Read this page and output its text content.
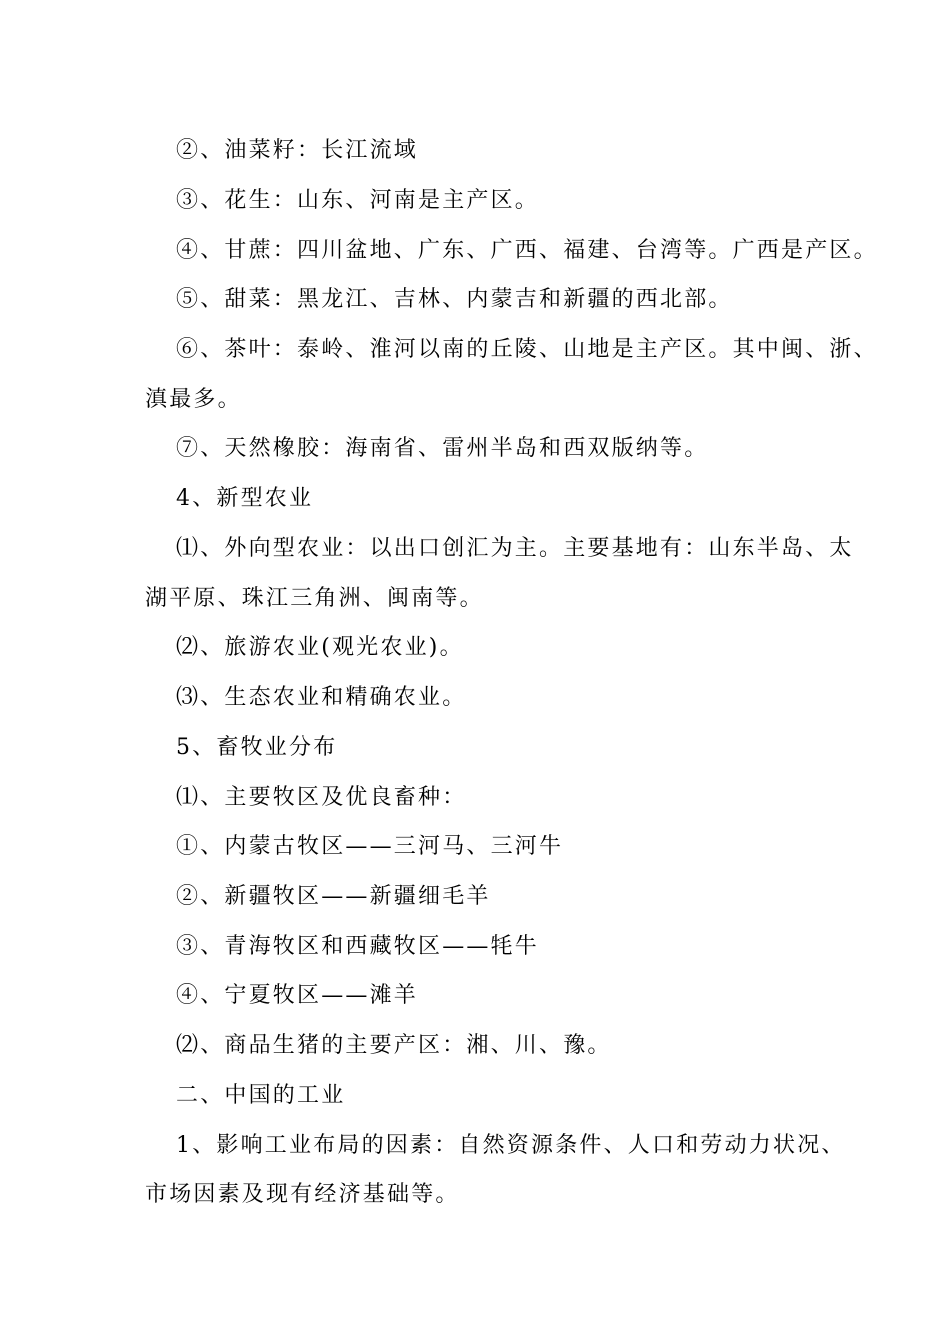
②、油菜籽：长江流域

③、花生：山东、河南是主产区。

④、甘蔗：四川盆地、广东、广西、福建、台湾等。广西是产区。

⑤、甜菜：黑龙江、吉林、内蒙吉和新疆的西北部。

⑥、茶叶：泰岭、淮河以南的丘陵、山地是主产区。其中闽、浙、

滇最多。

⑦、天然橡胶：海南省、雷州半岛和西双版纳等。

4、新型农业

⑴、外向型农业：以出口创汇为主。主要基地有：山东半岛、太

湖平原、珠江三角洲、闽南等。

⑵、旅游农业(观光农业)。

⑶、生态农业和精确农业。

5、畜牧业分布

⑴、主要牧区及优良畜种：

①、内蒙古牧区——三河马、三河牛

②、新疆牧区——新疆细毛羊

③、青海牧区和西藏牧区——牦牛

④、宁夏牧区——滩羊

⑵、商品生猪的主要产区：湘、川、豫。

二、中国的工业

1、影响工业布局的因素：自然资源条件、人口和劳动力状况、

市场因素及现有经济基础等。
